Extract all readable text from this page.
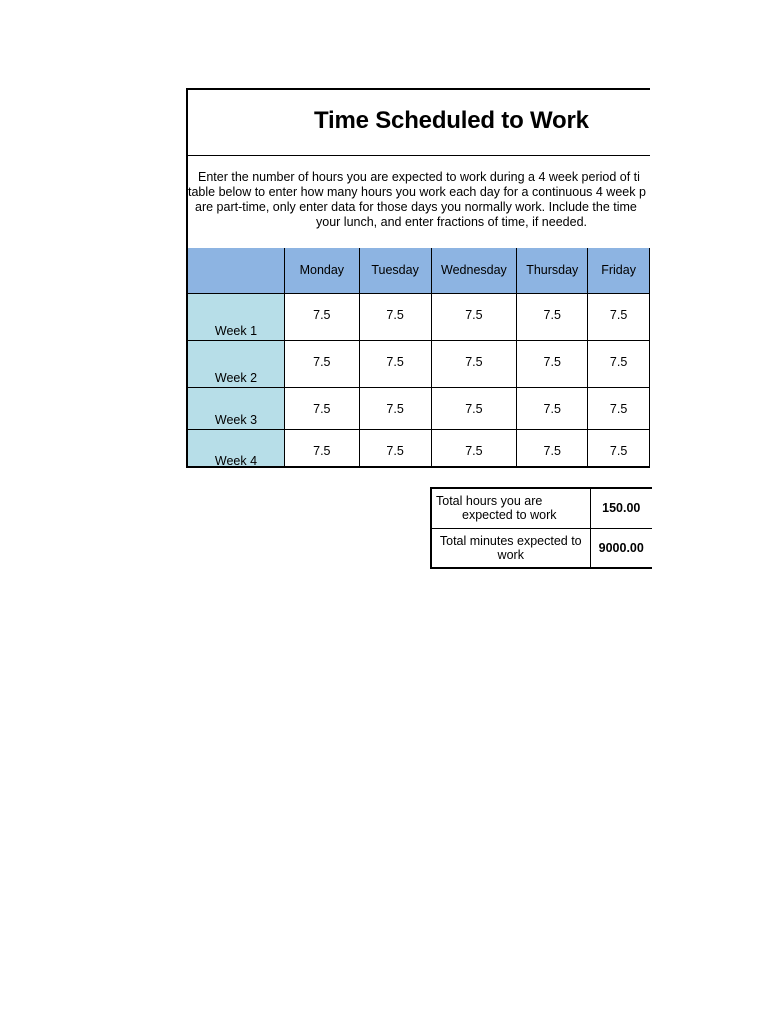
Time Scheduled to Work
Enter the number of hours you are expected to work during a 4 week period of ti
table below to enter how many hours you work each day for a continuous 4 week p
are part-time, only enter data for those days you normally work. Include the time
your lunch, and enter fractions of time, if needed.
	Monday	Tuesday	Wednesday	Thursday	Friday
Week 1	7.5	7.5	7.5	7.5	7.5
Week 2	7.5	7.5	7.5	7.5	7.5
Week 3	7.5	7.5	7.5	7.5	7.5
Week 4	7.5	7.5	7.5	7.5	7.5
Total hours you are
expected to work	150.00

Total minutes expected to
work	9000.00
